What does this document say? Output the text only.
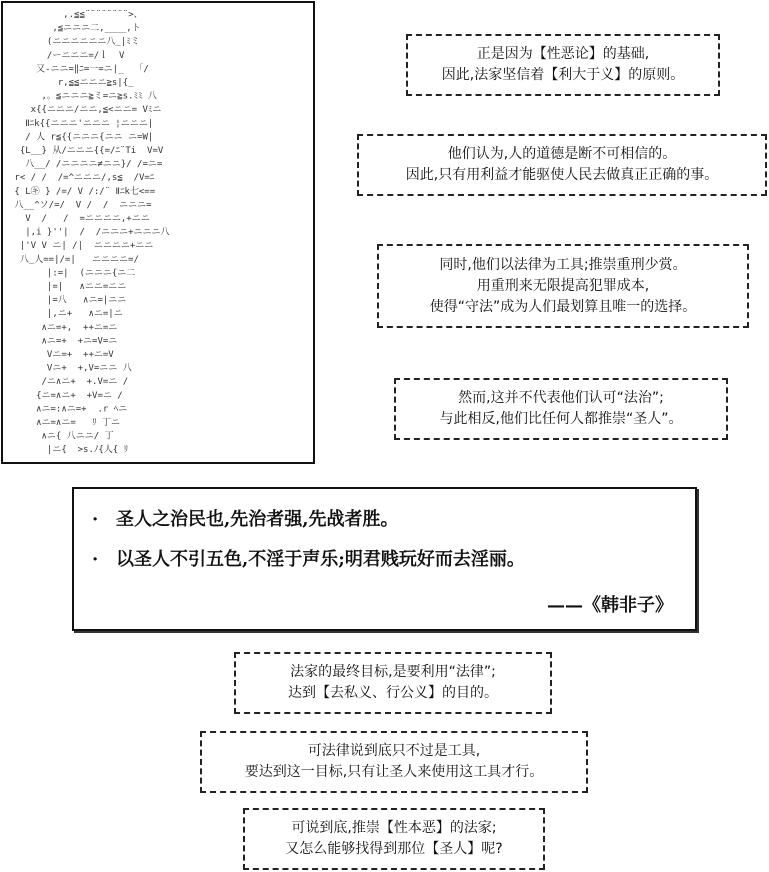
,.≦≦¨¨¨¨¨¨¨¨>、
,≦ニニニ二,____,ト
(ニニニニニニ八_|ﾐミ
/ーニニニ=/ｌ  V
又-ニニ=‖ﾆ=一=ニ|_  「/
r,≦≦ニニニ≧s|{_
,。≦ニニニ≧ミ=ニ≧s.ﾐﾐ 八
x{{ニニニ/ニニ,≦<ニニ= Vﾐニ
Ⅱﾆk{{ニニニ'ニニニ ¦ニニニ|
/ 人 r≦{{ニニニ{ニニ ニ=W|
{L__} 从/ニニニ{{=/ﾆ¨Ti  V=V
八__/ /ニニニニ≠ニニ}/ /=ニ=
r< / /  /=^ニニニ/,s≦  /V=ﾆ
{ L㋖ } /=/ V /:/¨ Ⅱﾆk七<==
八__^ソ/=/  V /  /  ニニニ=
V  /   /  =ニニニニ,+ニニ
|,i }''|  /  /ニニニ+ニニニ八
|'V V ニ| /|  ニニニニ+ニニ
八_人==|/=|   ニニニニ=/
|:=|  (ニニニ{ニ二
|=|   ∧ニニ=ニニ
|=八   ∧ニ=|ニニ
|,ニ+   ∧ニ=|ニ
∧ニ=+,  ++ニ=ニ
∧ニ=+  +ニ=V=ニ
Vニ=+  ++ニ=V
Vニ+  +,V=ニニ 八
/ニ∧ニ+  +.V=ニ /
{ニ=∧ニ+  +V=ニ /
∧ニ=:∧ニ=+  .r ﾍニ
∧ニ=∧ニ=   ﾘ 丁ニ
∧ニ{ 八ニニ/ 丁
|ニ{  >s.ﾉ{人{ ﾘ
正是因为【性恶论】的基础,
因此,法家坚信着【利大于义】的原则。
他们认为,人的道德是断不可相信的。
因此,只有用利益才能驱使人民去做真正正确的事。
同时,他们以法律为工具;推崇重刑少赏。
用重刑来无限提高犯罪成本,
使得“守法”成为人们最划算且唯一的选择。
然而,这并不代表他们认可“法治”;
与此相反,他们比任何人都推崇“圣人”。
· 圣人之治民也,先治者强,先战者胜。
· 以圣人不引五色,不淫于声乐;明君贱玩好而去淫丽。
——《韩非子》
法家的最终目标,是要利用“法律”;
达到【去私义、行公义】的目的。
可法律说到底只不过是工具,
要达到这一目标,只有让圣人来使用这工具才行。
可说到底,推崇【性本恶】的法家;
又怎么能够找得到那位【圣人】呢?
